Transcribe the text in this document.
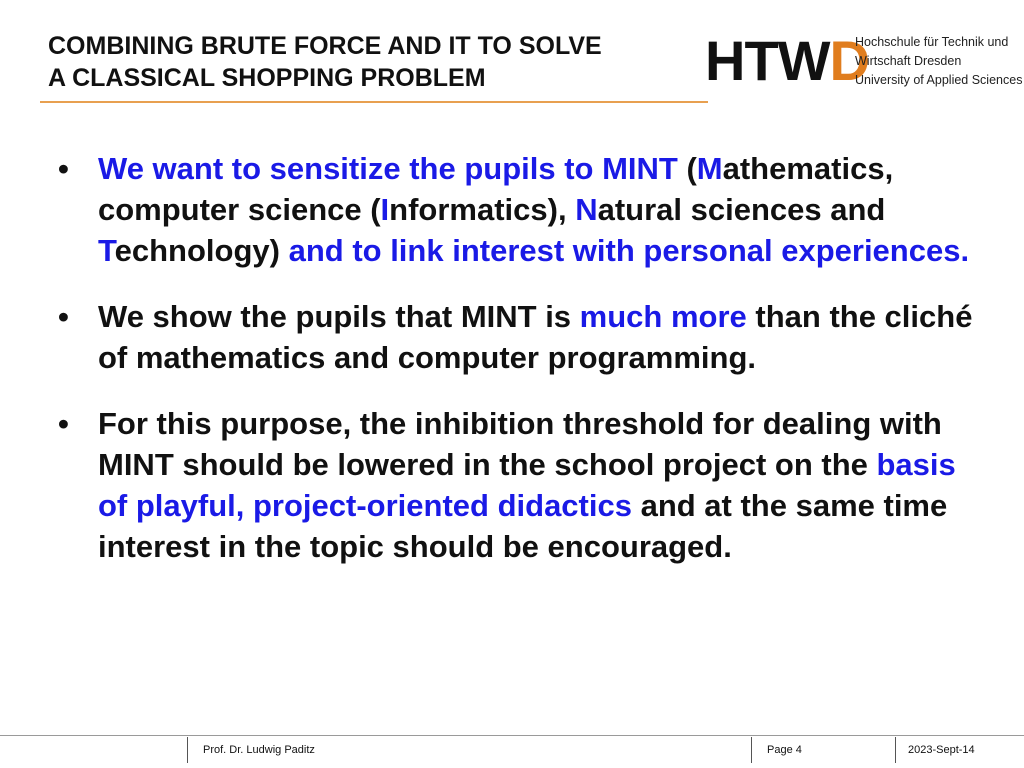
COMBINING BRUTE FORCE AND IT TO SOLVE
A CLASSICAL SHOPPING PROBLEM	HTWD
Hochschule für Technik und
Wirtschaft Dresden
University of Applied Sciences
• We want to sensitize the pupils to MINT (Mathematics, computer science (Informatics), Natural sciences and Technology) and to link interest with personal experiences.
• We show the pupils that MINT is much more than the cliché of mathematics and computer programming.
• For this purpose, the inhibition threshold for dealing with MINT should be lowered in the school project on the basis of playful, project-oriented didactics and at the same time interest in the topic should be encouraged.
Prof. Dr. Ludwig Paditz	Page 4	2023-Sept-14
